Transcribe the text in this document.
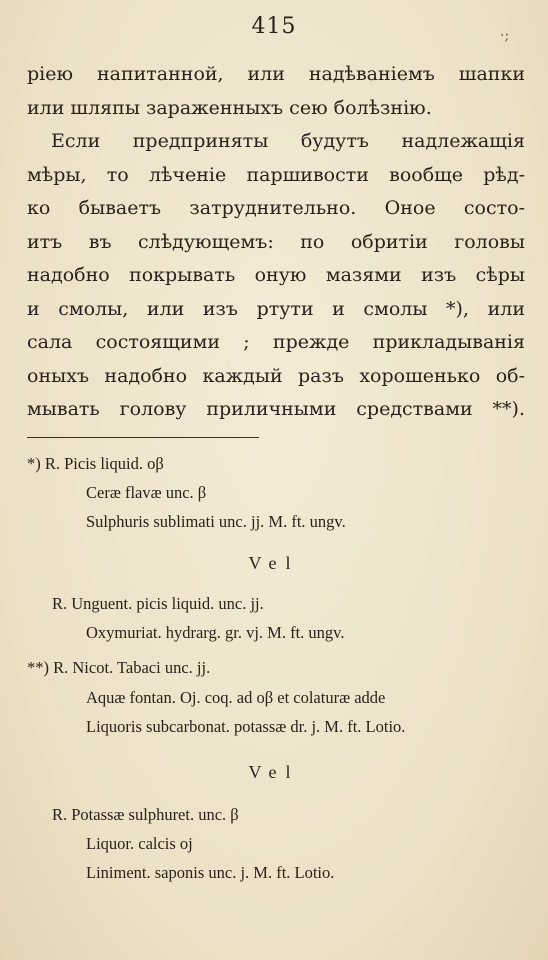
415	·;
ріею напитанной, или надѣваніемъ шапки
или шляпы зараженныхъ сею болѣзнію.
Если предприняты будутъ надлежащія
мѣры, то лѣченіе паршивости вообще рѣд-
ко бываетъ затруднительно. Оное состо-
итъ въ слѣдующемъ: по обритіи головы
надобно покрывать оную мазями изъ сѣры
и смолы, или изъ ртути и смолы *), или
сала состоящими ; прежде прикладыванія
оныхъ надобно каждый разъ хорошенько об-
мывать голову приличными средствами **).
*) R. Picis liquid. oβ
Ceræ flavæ unc. β
Sulphuris sublimati unc. jj. M. ft. ungv.
Vel
R. Unguent. picis liquid. unc. jj.
Oxymuriat. hydrarg. gr. vj. M. ft. ungv.
**) R. Nicot. Tabaci unc. jj.
Aquæ fontan. Oj. coq. ad oβ et colaturæ adde
Liquoris subcarbonat. potassæ dr. j. M. ft. Lotio.
Vel
R. Potassæ sulphuret. unc. β
Liquor. calcis oj
Liniment. saponis unc. j. M. ft. Lotio.
